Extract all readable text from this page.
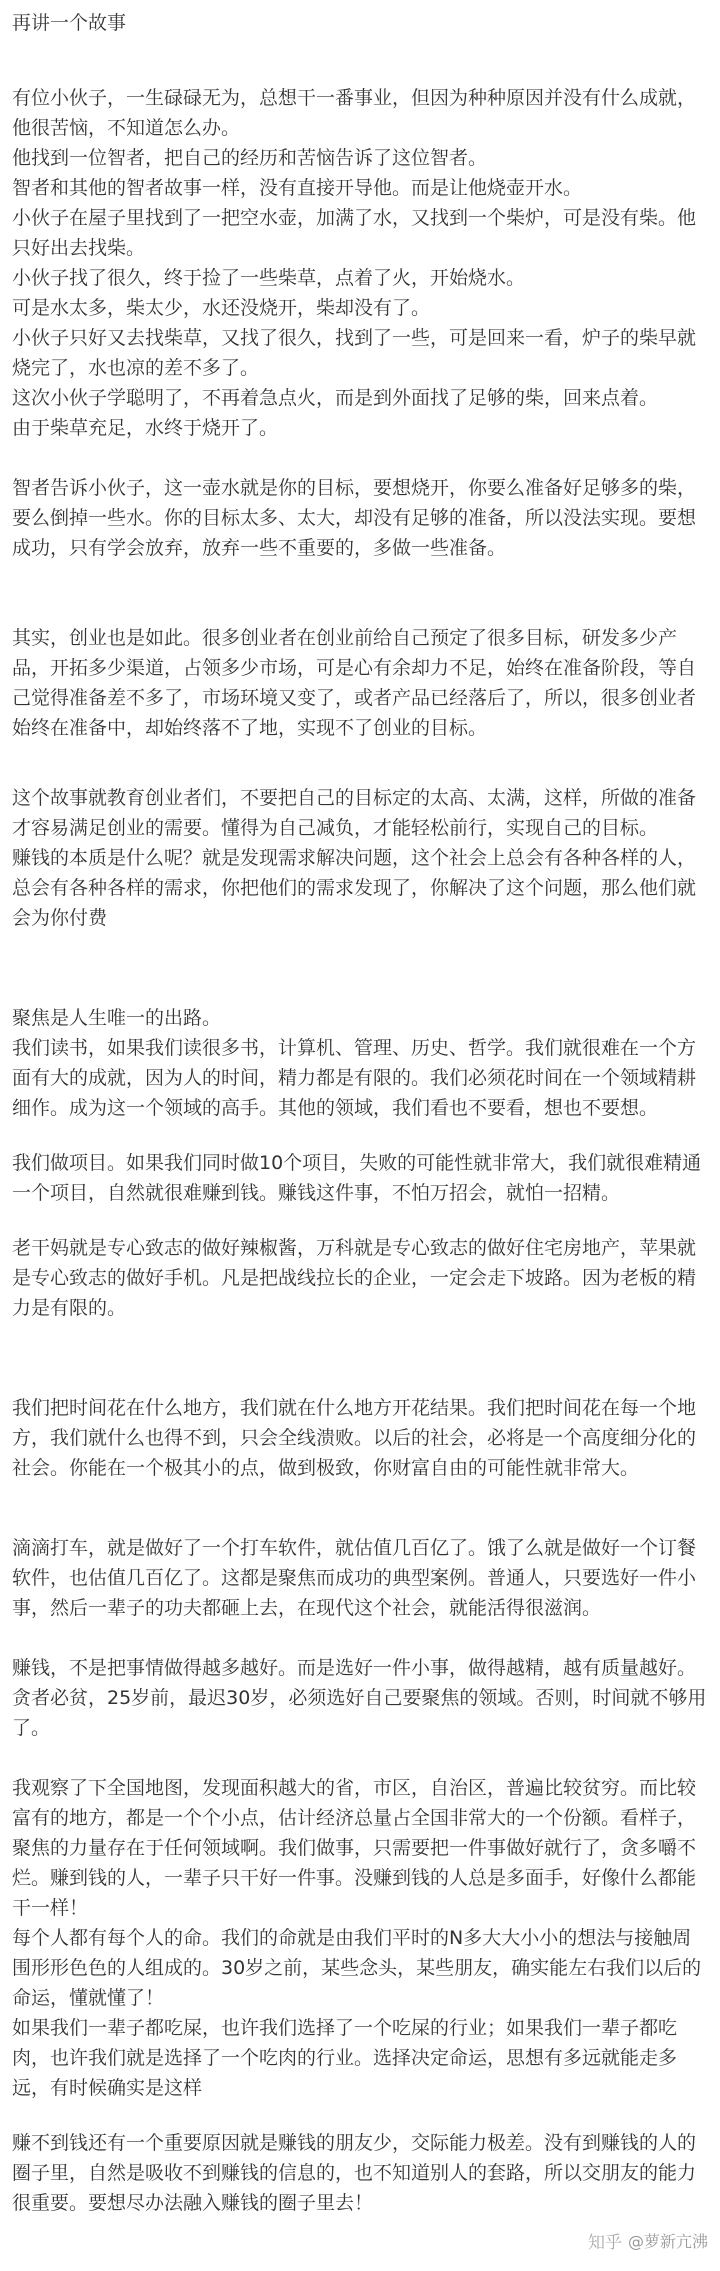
再讲一个故事

有位小伙子，一生碌碌无为，总想干一番事业，但因为种种原因并没有什么成就，他很苦恼，不知道怎么办。

他找到一位智者，把自己的经历和苦恼告诉了这位智者。

智者和其他的智者故事一样，没有直接开导他。而是让他烧壶开水。

小伙子在屋子里找到了一把空水壶，加满了水，又找到一个柴炉，可是没有柴。他只好出去找柴。

小伙子找了很久，终于捡了一些柴草，点着了火，开始烧水。

可是水太多，柴太少，水还没烧开，柴却没有了。

小伙子只好又去找柴草，又找了很久，找到了一些，可是回来一看，炉子的柴早就烧完了，水也凉的差不多了。

这次小伙子学聪明了，不再着急点火，而是到外面找了足够的柴，回来点着。

由于柴草充足，水终于烧开了。

智者告诉小伙子，这一壶水就是你的目标，要想烧开，你要么准备好足够多的柴，要么倒掉一些水。你的目标太多、太大，却没有足够的准备，所以没法实现。要想成功，只有学会放弃，放弃一些不重要的，多做一些准备。

其实，创业也是如此。很多创业者在创业前给自己预定了很多目标，研发多少产品，开拓多少渠道，占领多少市场，可是心有余却力不足，始终在准备阶段，等自己觉得准备差不多了，市场环境又变了，或者产品已经落后了，所以，很多创业者始终在准备中，却始终落不了地，实现不了创业的目标。

这个故事就教育创业者们，不要把自己的目标定的太高、太满，这样，所做的准备才容易满足创业的需要。懂得为自己减负，才能轻松前行，实现自己的目标。

赚钱的本质是什么呢？就是发现需求解决问题，这个社会上总会有各种各样的人，总会有各种各样的需求，你把他们的需求发现了，你解决了这个问题，那么他们就会为你付费

聚焦是人生唯一的出路。

我们读书，如果我们读很多书，计算机、管理、历史、哲学。我们就很难在一个方面有大的成就，因为人的时间，精力都是有限的。我们必须花时间在一个领域精耕细作。成为这一个领域的高手。其他的领域，我们看也不要看，想也不要想。

我们做项目。如果我们同时做10个项目，失败的可能性就非常大，我们就很难精通一个项目，自然就很难赚到钱。赚钱这件事，不怕万招会，就怕一招精。

老干妈就是专心致志的做好辣椒酱，万科就是专心致志的做好住宅房地产，苹果就是专心致志的做好手机。凡是把战线拉长的企业，一定会走下坡路。因为老板的精力是有限的。

我们把时间花在什么地方，我们就在什么地方开花结果。我们把时间花在每一个地方，我们就什么也得不到，只会全线溃败。以后的社会，必将是一个高度细分化的社会。你能在一个极其小的点，做到极致，你财富自由的可能性就非常大。

滴滴打车，就是做好了一个打车软件，就估值几百亿了。饿了么就是做好一个订餐软件，也估值几百亿了。这都是聚焦而成功的典型案例。普通人，只要选好一件小事，然后一辈子的功夫都砸上去，在现代这个社会，就能活得很滋润。

赚钱，不是把事情做得越多越好。而是选好一件小事，做得越精，越有质量越好。贪者必贫，25岁前，最迟30岁，必须选好自己要聚焦的领域。否则，时间就不够用了。

我观察了下全国地图，发现面积越大的省，市区，自治区，普遍比较贫穷。而比较富有的地方，都是一个个小点，估计经济总量占全国非常大的一个份额。看样子，聚焦的力量存在于任何领域啊。我们做事，只需要把一件事做好就行了，贪多嚼不烂。赚到钱的人，一辈子只干好一件事。没赚到钱的人总是多面手，好像什么都能干一样！

每个人都有每个人的命。我们的命就是由我们平时的N多大大小小的想法与接触周围形形色色的人组成的。30岁之前，某些念头，某些朋友，确实能左右我们以后的命运，懂就懂了！

如果我们一辈子都吃屎，也许我们选择了一个吃屎的行业；如果我们一辈子都吃肉，也许我们就是选择了一个吃肉的行业。选择决定命运，思想有多远就能走多远，有时候确实是这样

赚不到钱还有一个重要原因就是赚钱的朋友少，交际能力极差。没有到赚钱的人的圈子里，自然是吸收不到赚钱的信息的，也不知道别人的套路，所以交朋友的能力很重要。要想尽办法融入赚钱的圈子里去！

知乎 @萝新亢沸
